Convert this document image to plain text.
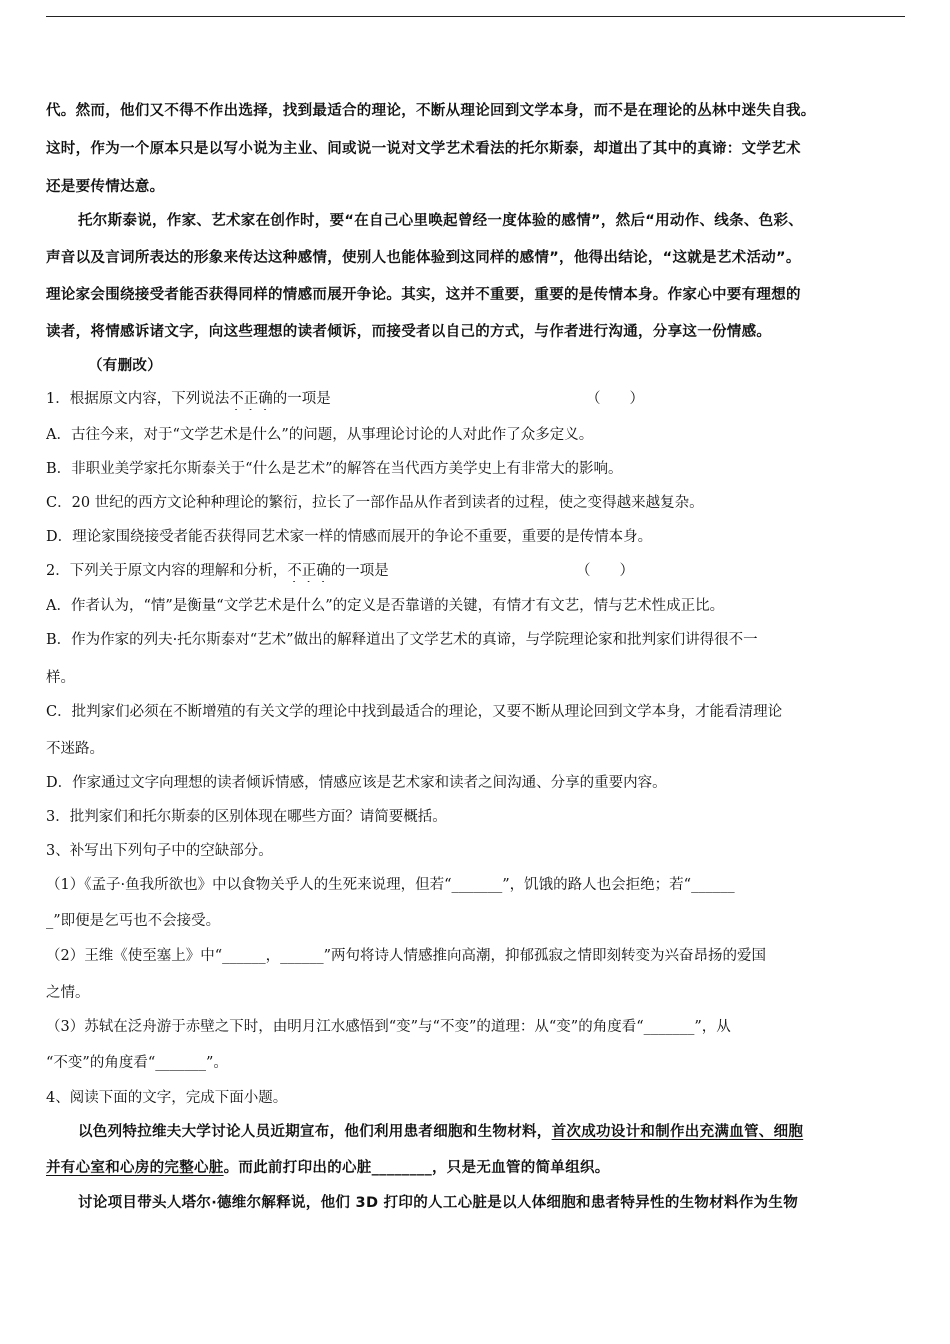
代。然而，他们又不得不作出选择，找到最适合的理论，不断从理论回到文学本身，而不是在理论的丛林中迷失自我。
这时，作为一个原本只是以写小说为主业、间或说一说对文学艺术看法的托尔斯泰，却道出了其中的真谛：文学艺术
还是要传情达意。
托尔斯泰说，作家、艺术家在创作时，要“在自己心里唤起曾经一度体验的感情”，然后“用动作、线条、色彩、
声音以及言词所表达的形象来传达这种感情，使别人也能体验到这同样的感情”，他得出结论，“这就是艺术活动”。
理论家会围绕接受者能否获得同样的情感而展开争论。其实，这并不重要，重要的是传情本身。作家心中要有理想的
读者，将情感诉诸文字，向这些理想的读者倾诉，而接受者以自己的方式，与作者进行沟通，分享这一份情感。
（有删改）
1．根据原文内容，下列说法不正确的一项是	（　　）
A．古往今来，对于“文学艺术是什么”的问题，从事理论讨论的人对此作了众多定义。
B．非职业美学家托尔斯泰关于“什么是艺术”的解答在当代西方美学史上有非常大的影响。
C．20 世纪的西方文论种种理论的繁衍，拉长了一部作品从作者到读者的过程，使之变得越来越复杂。
D．理论家围绕接受者能否获得同艺术家一样的情感而展开的争论不重要，重要的是传情本身。
2．下列关于原文内容的理解和分析，不正确的一项是	（　　）
A．作者认为，“情”是衡量“文学艺术是什么”的定义是否靠谱的关键，有情才有文艺，情与艺术性成正比。
B．作为作家的列夫·托尔斯泰对“艺术”做出的解释道出了文学艺术的真谛，与学院理论家和批判家们讲得很不一
样。
C．批判家们必须在不断增殖的有关文学的理论中找到最适合的理论，又要不断从理论回到文学本身，才能看清理论
不迷路。
D．作家通过文字向理想的读者倾诉情感，情感应该是艺术家和读者之间沟通、分享的重要内容。
3．批判家们和托尔斯泰的区别体现在哪些方面？请简要概括。
3、补写出下列句子中的空缺部分。
（1）《孟子·鱼我所欲也》中以食物关乎人的生死来说理，但若“_______”，饥饿的路人也会拒绝；若“______
_”即便是乞丐也不会接受。
（2）王维《使至塞上》中“______，______”两句将诗人情感推向高潮，抑郁孤寂之情即刻转变为兴奋昂扬的爱国
之情。
（3）苏轼在泛舟游于赤壁之下时，由明月江水感悟到“变”与“不变”的道理：从“变”的角度看“_______”，从
“不变”的角度看“_______”。
4、阅读下面的文字，完成下面小题。
以色列特拉维夫大学讨论人员近期宣布，他们利用患者细胞和生物材料，首次成功设计和制作出充满血管、细胞
并有心室和心房的完整心脏。而此前打印出的心脏________，只是无血管的简单组织。
讨论项目带头人塔尔·德维尔解释说，他们 3D 打印的人工心脏是以人体细胞和患者特异性的生物材料作为生物
